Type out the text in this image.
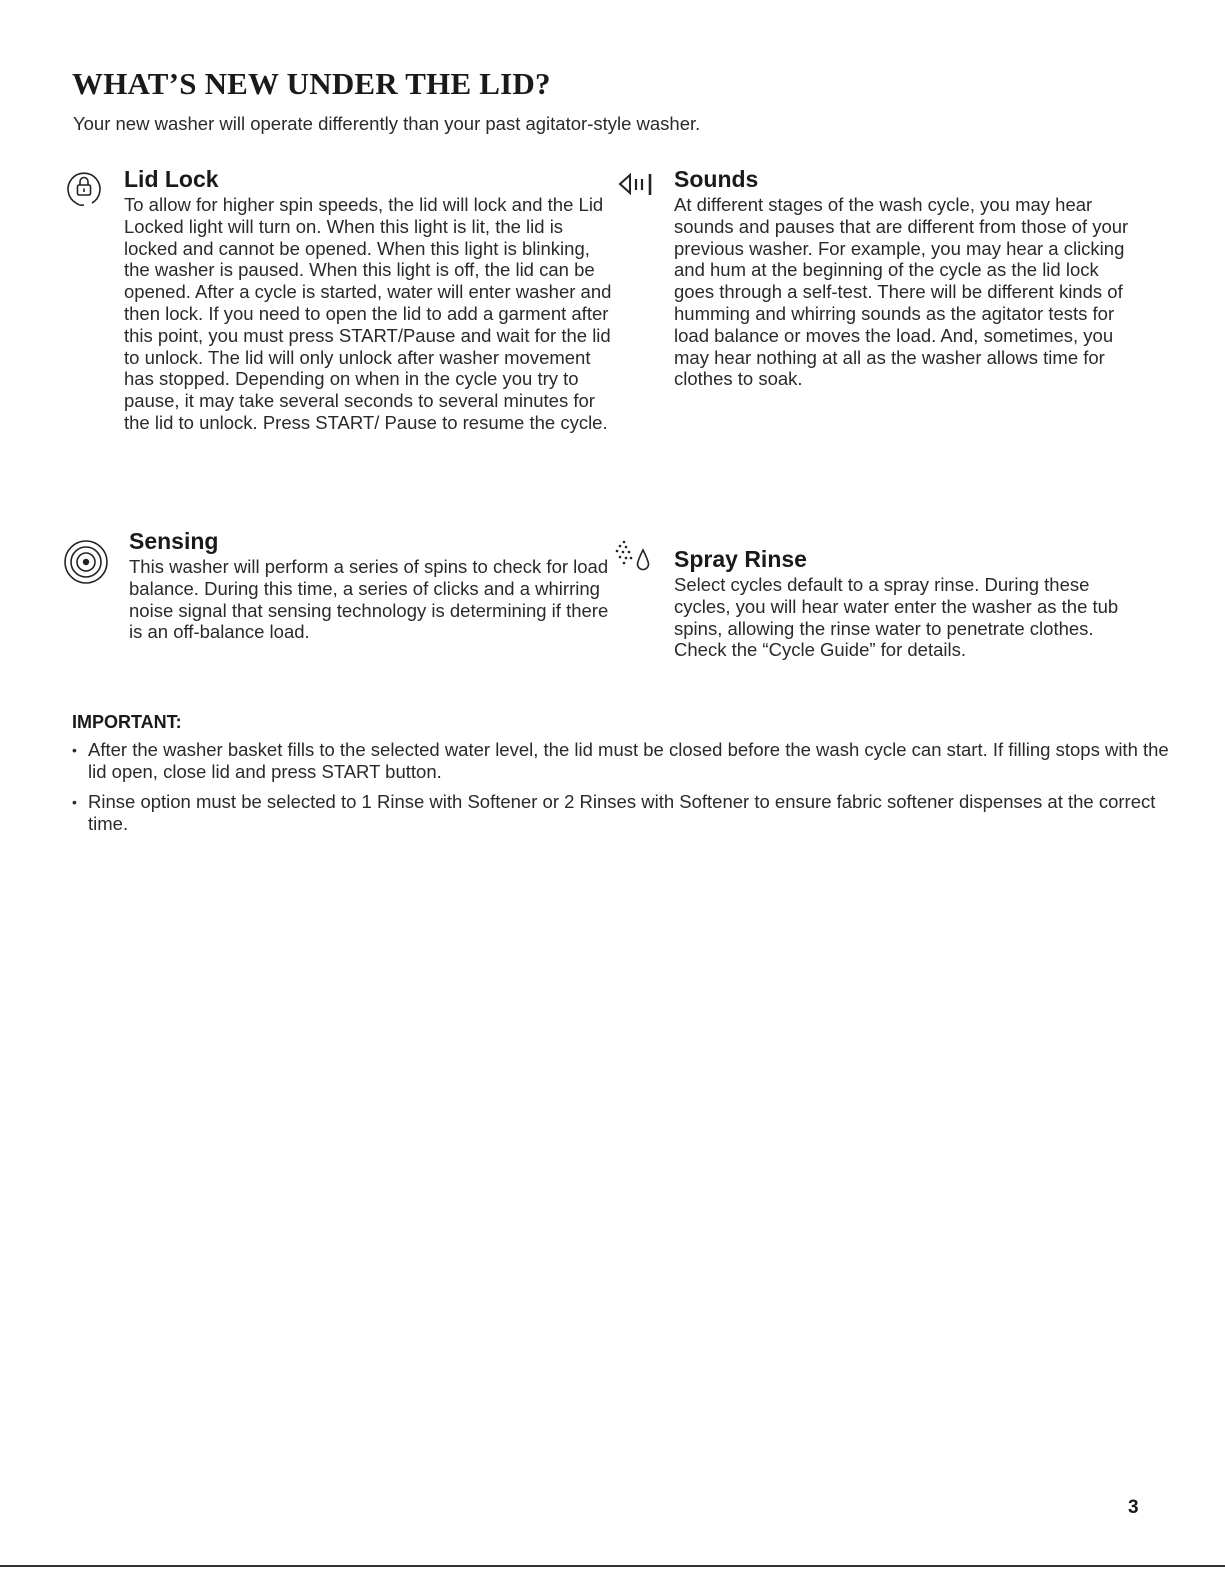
WHAT’S NEW UNDER THE LID?

Your new washer will operate differently than your past agitator-style washer.

Lid Lock

To allow for higher spin speeds, the lid will lock and the Lid Locked light will turn on. When this light is lit, the lid is locked and cannot be opened. When this light is blinking, the washer is paused. When this light is off, the lid can be opened. After a cycle is started, water will enter washer and then lock. If you need to open the lid to add a garment after this point, you must press START/Pause and wait for the lid to unlock. The lid will only unlock after washer movement has stopped. Depending on when in the cycle you try to pause, it may take several seconds to several minutes for the lid to unlock. Press START/ Pause to resume the cycle.

Sounds

At different stages of the wash cycle, you may hear sounds and pauses that are different from those of your previous washer. For example, you may hear a clicking and hum at the beginning of the cycle as the lid lock goes through a self-test. There will be different kinds of humming and whirring sounds as the agitator tests for load balance or moves the load. And, sometimes, you may hear nothing at all as the washer allows time for clothes to soak.

Sensing

This washer will perform a series of spins to check for load balance. During this time, a series of clicks and a whirring noise signal that sensing technology is determining if there is an off-balance load.

Spray Rinse

Select cycles default to a spray rinse. During these cycles, you will hear water enter the washer as the tub spins, allowing the rinse water to penetrate clothes. Check the “Cycle Guide” for details.

IMPORTANT:
• After the washer basket fills to the selected water level, the lid must be closed before the wash cycle can start. If filling stops with the lid open, close lid and press START button.
• Rinse option must be selected to 1 Rinse with Softener or 2 Rinses with Softener to ensure fabric softener dispenses at the correct time.
3
